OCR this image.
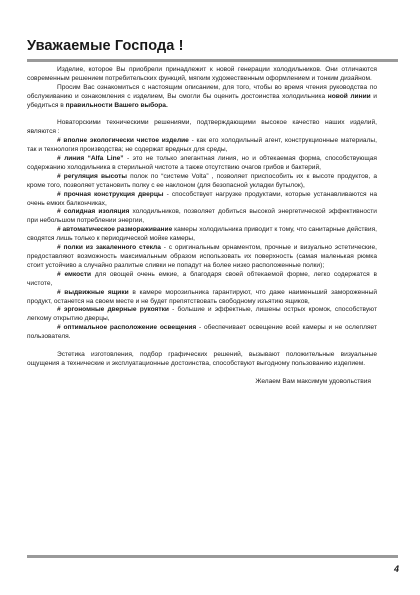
Уважаемые Господа !

Изделие, которое Вы приобрели принадлежит к новой генерации холодильников. Они отличаются современным решением потребительских функций, мягким художественным оформлением и тонким дизайном.

Просим Вас ознакомиться с настоящим описанием, для того, чтобы во время чтения руководства по обслуживанию и ознакомления с изделием, Вы смогли бы оценить достоинства холодильника новой линии и убедиться в правильности Вашего выбора.

Новаторскими техническими решениями, подтверждающими высокое качество наших изделий, являются :

# вполне экологически чистое изделие - как его холодильный агент, конструкционные материалы, так и технология производства; не содержат вредных для среды,

# линия “Alfa Line” - это не только элегантная линия, но и обтекаемая форма, способствующая содержанию холодильника в стерильной чистоте а также отсутствию очагов грибов и бактерий,

# регуляция высоты полок по “системе Volta” , позволяет приспособить их к высоте продуктов, а кроме того, позволяет установить полку с ее наклоном (для безопасной укладки бутылок),

# прочная конструкция дверцы - способствует нагрузке продуктами, которые устанавливаются на очень емких балкончиках,

# солидная изоляция холодильников, позволяет добиться высокой энергетической эффективности при небольшом потреблении энергии,

# автоматическое размораживание камеры холодильника приводит к тому, что санитарные действия, сводятся лишь только к периодической мойке камеры,

# полки из закаленного стекла - с оригинальным орнаментом, прочные и визуально эстетические, предоставляют возможность максимальным образом использовать их поверхность (самая маленькая рюмка стоит устойчиво а случайно разлитые сливки не попадут на более низко расположенные полки);

# емкости для овощей очень емкие, а благодаря своей обтекаемой форме, легко содержатся в чистоте,

# выдвижные ящики в камере морозильника гарантируют, что даже наименьший замороженный продукт, останется на своем месте и не будет препятствовать свободному изъятию ящиков,

# эргономные дверные рукоятки - большие и эффектные, лишены острых кромок, способствуют легкому открытию дверцы,

# оптимальное расположение освещения - обеспечивает освещение всей камеры и не ослепляет пользователя.

Эстетика изготовления, подбор графических решений, вызывают положительные визуальные ощущения а технические и эксплуатационные достоинства, способствуют выгодному пользованию изделием.

Желаем Вам максимум удовольствия

4
